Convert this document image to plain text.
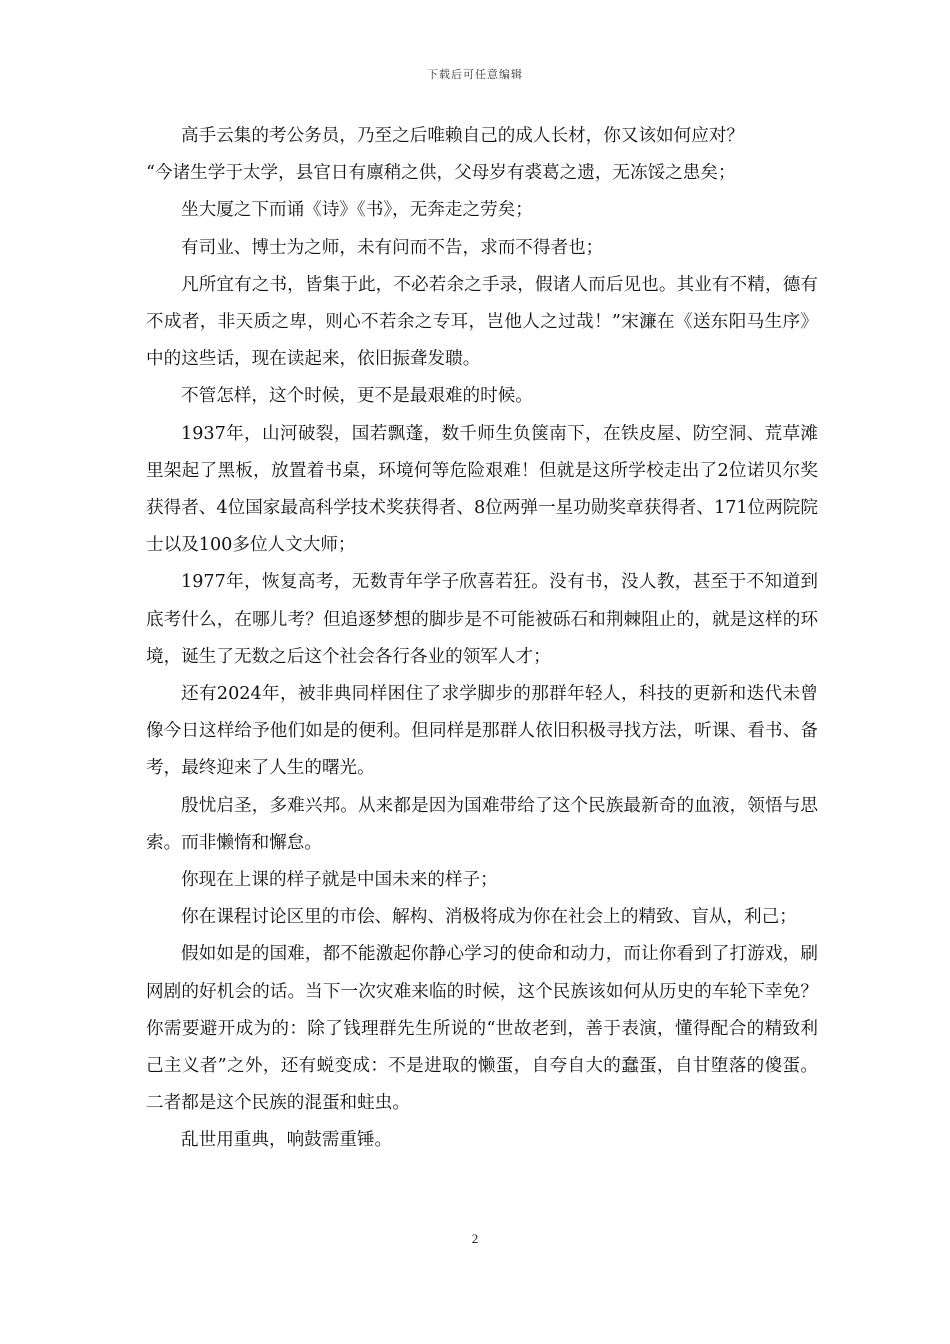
下载后可任意编辑

高手云集的考公务员，乃至之后唯赖自己的成人长材，你又该如何应对？

“今诸生学于太学，县官日有廪稍之供，父母岁有裘葛之遗，无冻馁之患矣；

坐大厦之下而诵《诗》《书》，无奔走之劳矣；

有司业、博士为之师，未有问而不告，求而不得者也；

凡所宜有之书，皆集于此，不必若余之手录，假诸人而后见也。其业有不精，德有不成者，非天质之卑，则心不若余之专耳，岂他人之过哉！”宋濂在《送东阳马生序》中的这些话，现在读起来，依旧振聋发聩。

不管怎样，这个时候，更不是最艰难的时候。

1937年，山河破裂，国若飘蓬，数千师生负箧南下，在铁皮屋、防空洞、荒草滩里架起了黑板，放置着书桌，环境何等危险艰难！但就是这所学校走出了2位诺贝尔奖获得者、4位国家最高科学技术奖获得者、8位两弹一星功勋奖章获得者、171位两院院士以及100多位人文大师；

1977年，恢复高考，无数青年学子欣喜若狂。没有书，没人教，甚至于不知道到底考什么，在哪儿考？但追逐梦想的脚步是不可能被砾石和荆棘阻止的，就是这样的环境，诞生了无数之后这个社会各行各业的领军人才；

还有2024年，被非典同样困住了求学脚步的那群年轻人，科技的更新和迭代未曾像今日这样给予他们如是的便利。但同样是那群人依旧积极寻找方法，听课、看书、备考，最终迎来了人生的曙光。

殷忧启圣，多难兴邦。从来都是因为国难带给了这个民族最新奇的血液，领悟与思索。而非懒惰和懈怠。

你现在上课的样子就是中国未来的样子；

你在课程讨论区里的市侩、解构、消极将成为你在社会上的精致、盲从，利己；

假如如是的国难，都不能激起你静心学习的使命和动力，而让你看到了打游戏，刷网剧的好机会的话。当下一次灾难来临的时候，这个民族该如何从历史的车轮下幸免？你需要避开成为的：除了钱理群先生所说的“世故老到，善于表演，懂得配合的精致利己主义者”之外，还有蜕变成：不是进取的懒蛋，自夸自大的蠢蛋，自甘堕落的傻蛋。二者都是这个民族的混蛋和蛀虫。

乱世用重典，响鼓需重锤。

2
